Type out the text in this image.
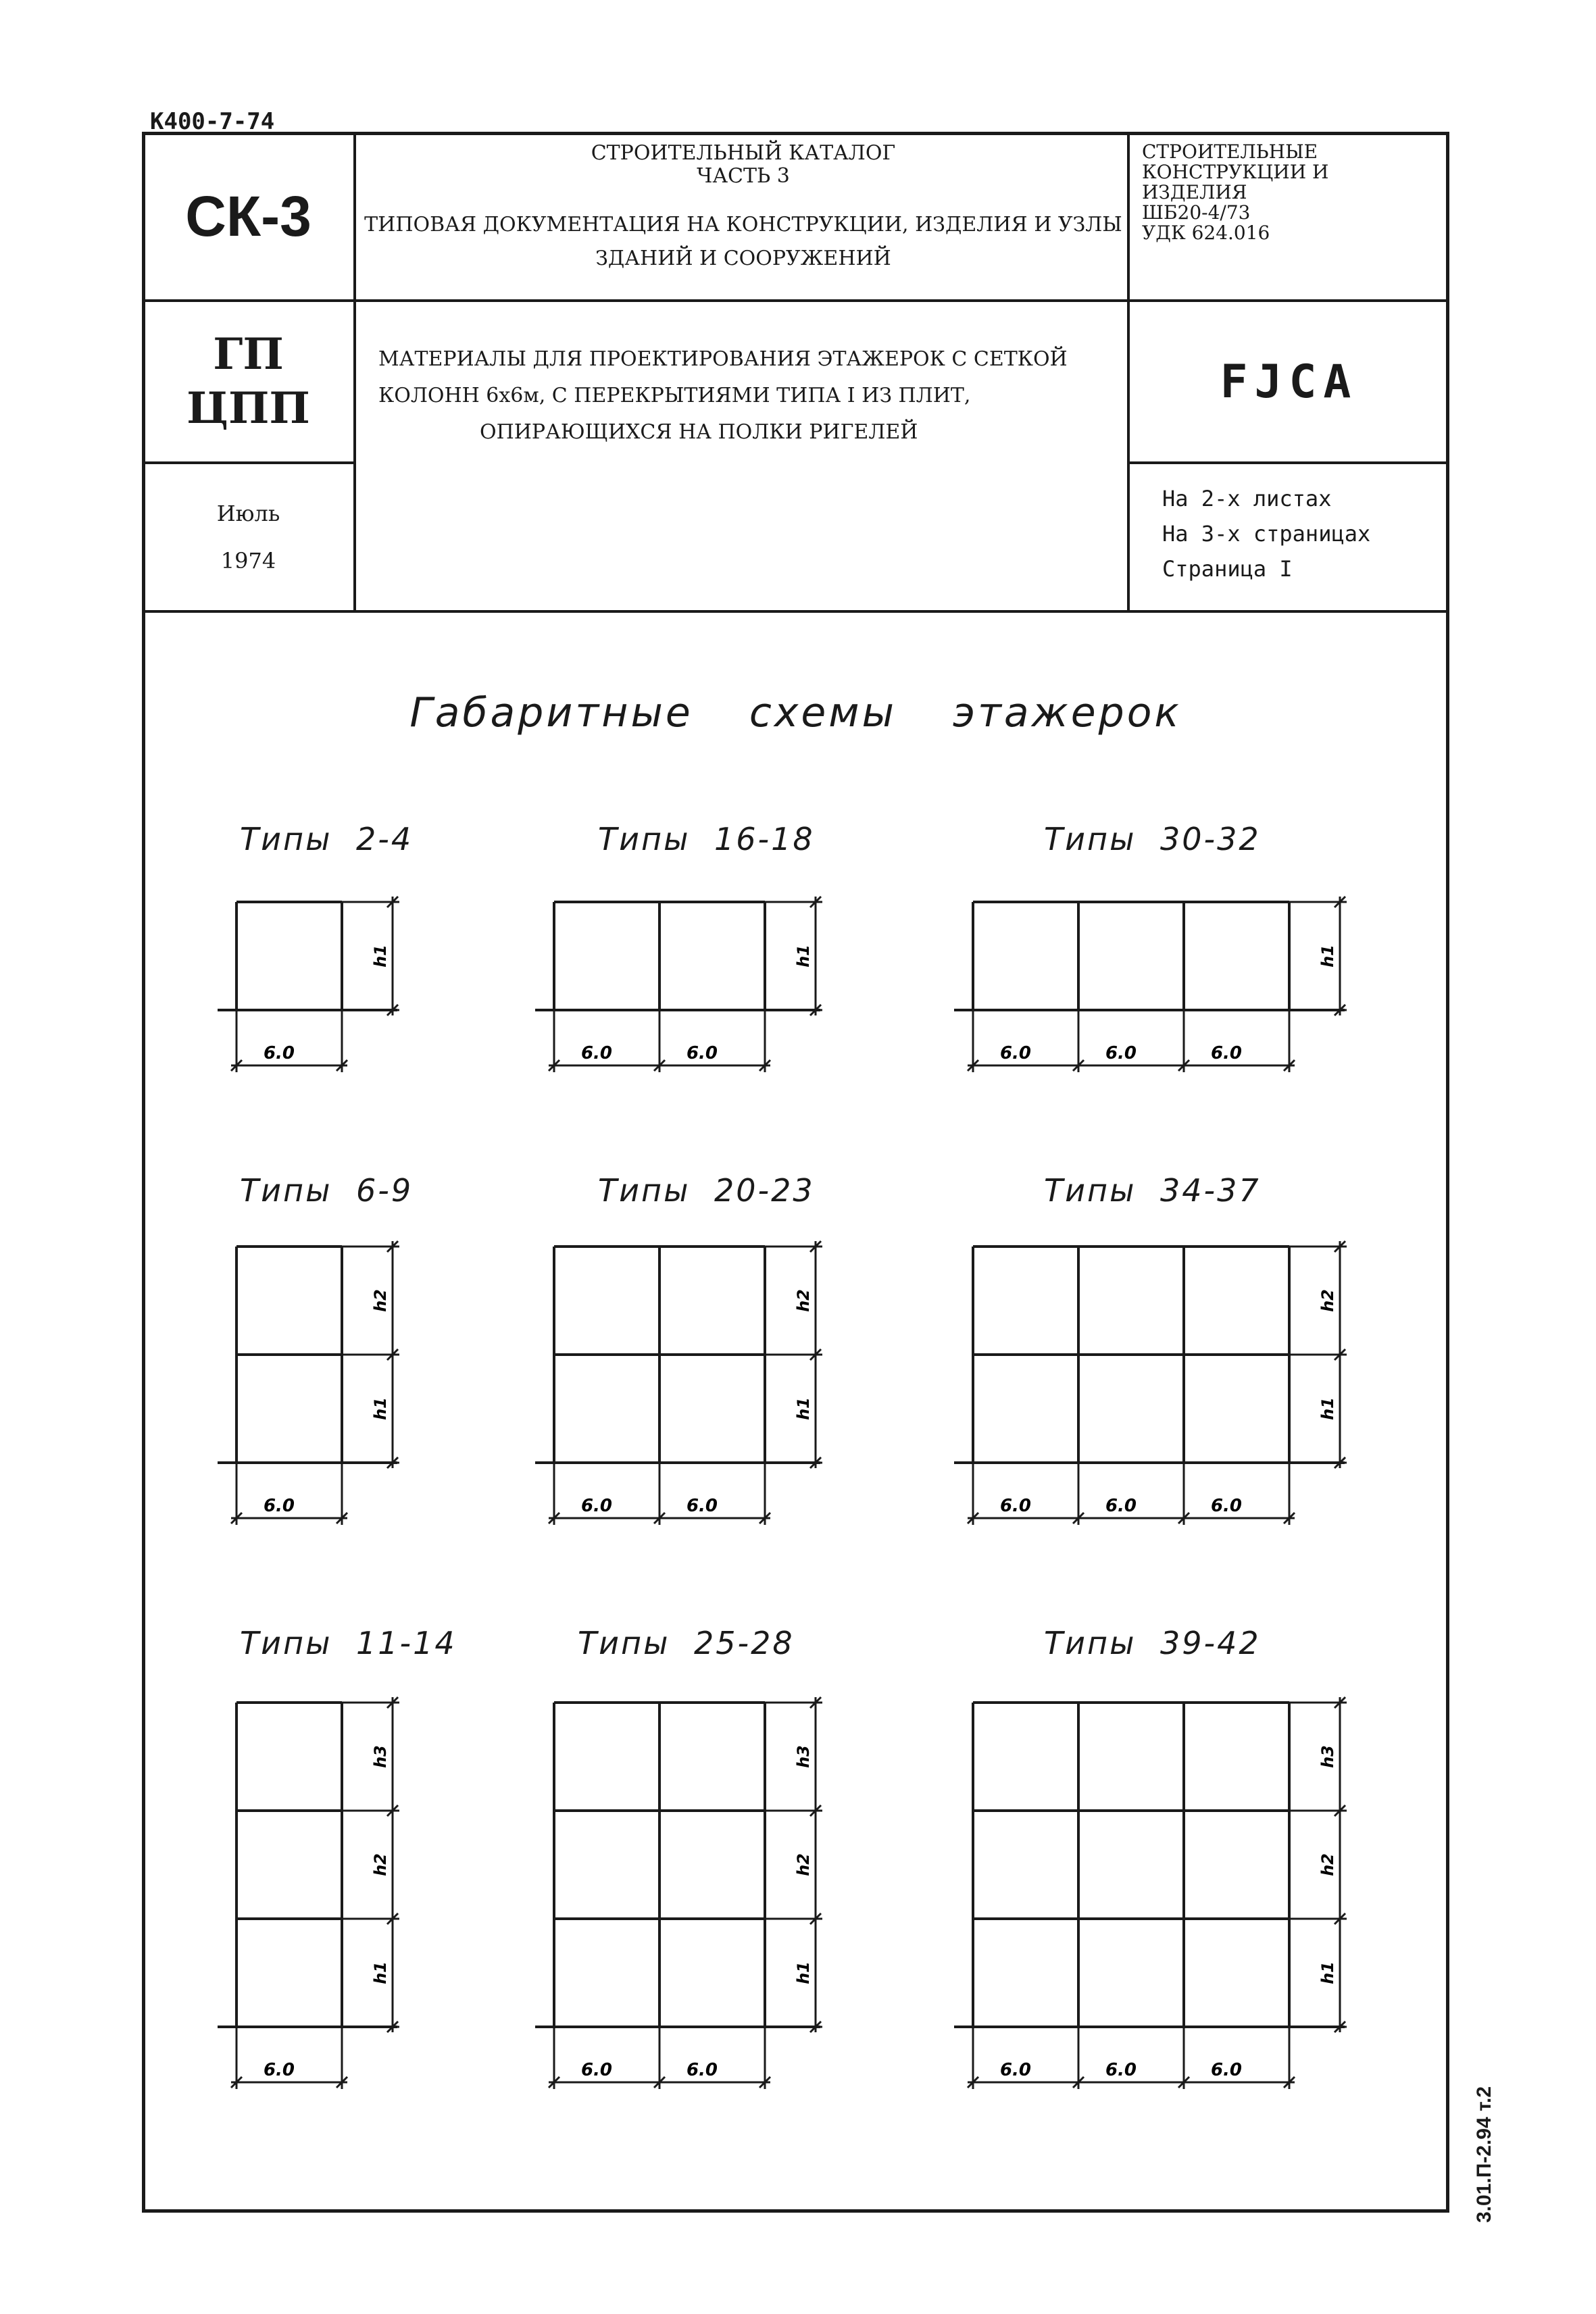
К400-7-74
СК-3
СТРОИТЕЛЬНЫЙ КАТАЛОГ
ЧАСТЬ 3
ТИПОВАЯ ДОКУМЕНТАЦИЯ НА КОНСТРУКЦИИ, ИЗДЕЛИЯ И УЗЛЫ
ЗДАНИЙ И СООРУЖЕНИЙ
СТРОИТЕЛЬНЫЕ
КОНСТРУКЦИИ И
ИЗДЕЛИЯ
ШБ20-4/73
УДК 624.016
ГП
ЦПП
МАТЕРИАЛЫ ДЛЯ ПРОЕКТИРОВАНИЯ ЭТАЖЕРОК С СЕТКОЙ
КОЛОНН 6х6м, С ПЕРЕКРЫТИЯМИ ТИПА I ИЗ ПЛИТ,
ОПИРАЮЩИХСЯ НА ПОЛКИ РИГЕЛЕЙ
FJCA
Июль
1974
На 2-х листах
На 3-х страницах
Страница I
Габаритные схемы этажерок
Типы 2-4	Типы 16-18	Типы 30-32
Типы 6-9	Типы 20-23	Типы 34-37
Типы 11-14	Типы 25-28	Типы 39-42
h1
6.0
h1
6.0	6.0
h1
6.0	6.0	6.0
h2
h1
6.0
h2
h1
6.0	6.0
h2
h1
6.0	6.0	6.0
h3
h2
h1
6.0
h3
h2
h1
6.0	6.0
h3
h2
h1
6.0	6.0	6.0
3.01.П-2.94 т.2
